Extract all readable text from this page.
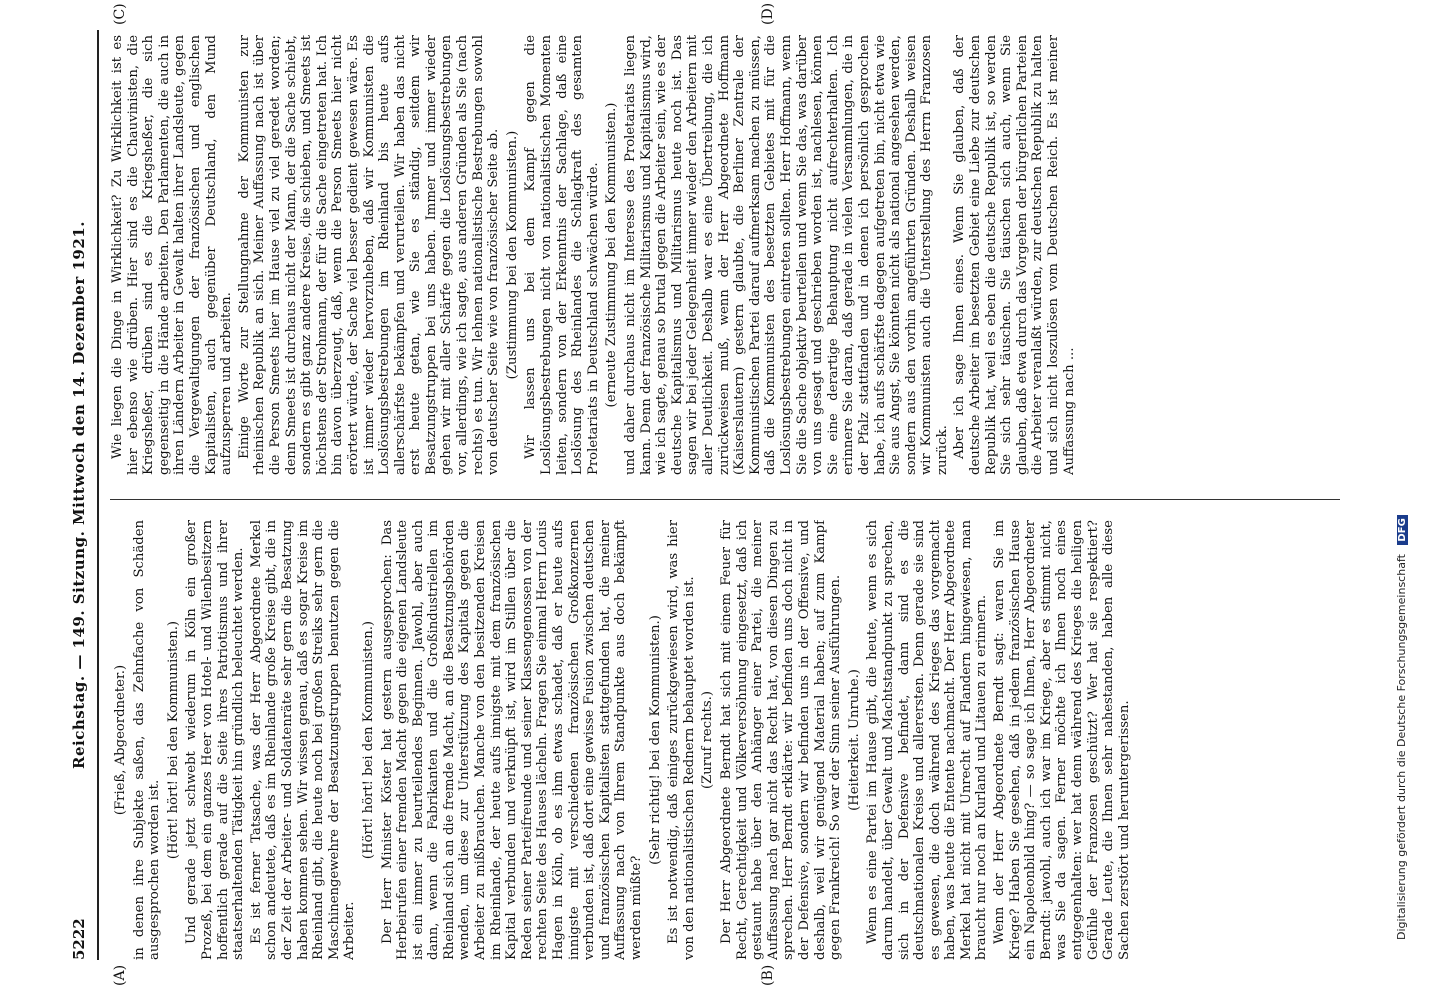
5222
Reichstag. — 149. Sitzung. Mittwoch den 14. Dezember 1921.
(A)	(B)
(C)	(D)

(Frieß, Abgeordneter.) in denen ihre Subjekte saßen, das Zehnfache von Schäden ausgesprochen worden ist.

(Hört! hört! bei den Kommunisten.) Und gerade jetzt schwebt wiederum in Köln ein großer Prozeß, bei dem ein ganzes Heer von Hotel- und Wilenbesitzern hoffentlich gerade auf die Seite ihres Patriotismus und ihrer staatserhaltenden Tätigkeit hin gründlich beleuchtet werden. Es ist ferner Tatsache, was der Herr Abgeordnete Merkel schon andeutete, daß es im Rheinlande große Kreise gibt, die in der Zeit der Arbeiter- und Soldatenräte sehr gern die Besatzung haben kommen sehen. Wir wissen genau, daß es sogar Kreise im Rheinland gibt, die heute noch bei großen Streiks sehr gern die Maschinengewehre der Besatzungstruppen benutzen gegen die Arbeiter.

(Hört! hört! bei den Kommunisten.) Der Herr Minister Köster hat gestern ausgesprochen: Das Herbeirufen einer fremden Macht gegen die eigenen Landsleute ist ein immer zu beurteilendes Beginnen. Jawohl, aber auch dann, wenn die Fabrikanten und die Großindustriellen im Rheinland sich an die fremde Macht, an die Besatzungsbehörden wenden, um diese zur Unterstützung des Kapitals gegen die Arbeiter zu mißbrauchen. Manche von den besitzenden Kreisen im Rheinlande, der heute aufs innigste mit dem französischen Kapital verbunden und verknüpft ist, wird im Stillen über die Reden seiner Parteifreunde und seiner Klassengenossen von der rechten Seite des Hauses lächeln. Fragen Sie einmal Herrn Louis Hagen in Köln, ob es ihm etwas schadet, daß er heute aufs innigste mit verschiedenen französischen Großkonzernen verbunden ist, daß dort eine gewisse Fusion zwischen deutschen und französischen Kapitalisten stattgefunden hat, die meiner Auffassung nach von Ihrem Standpunkte aus doch bekämpft werden müßte?

(Sehr richtig! bei den Kommunisten.) Es ist notwendig, daß einiges zurückgewiesen wird, was hier von den nationalistischen Rednern behauptet worden ist. (Zuruf rechts.) Der Herr Abgeordnete Berndt hat sich mit einem Feuer für Recht, Gerechtigkeit und Völkerversöhnung eingesetzt, daß ich gestaunt habe über den Anhänger einer Partei, die meiner Auffassung nach gar nicht das Recht hat, von diesen Dingen zu sprechen. Herr Berndt erklärte: wir befinden uns doch nicht in der Defensive, sondern wir befinden uns in der Offensive, und deshalb, weil wir genügend Material haben; auf zum Kampf gegen Frankreich! So war der Sinn seiner Ausführungen. (Heiterkeit. Unruhe.) Wenn es eine Partei im Hause gibt, die heute, wenn es sich darum handelt, über Gewalt und Machtstandpunkt zu sprechen, sich in der Defensive befindet, dann sind es die deutschnationalen Kreise und allerersten. Denn gerade sie sind es gewesen, die doch während des Krieges das vorgemacht haben, was heute die Entente nachmacht. Der Herr Abgeordnete Merkel hat nicht mit Unrecht auf Flandern hingewiesen, man braucht nur noch an Kurland und Litauen zu erinnern. Wenn der Herr Abgeordnete Berndt sagt: waren Sie im Kriege? Haben Sie gesehen, daß in jedem französischen Hause ein Napoleonbild hing? — so sage ich Ihnen, Herr Abgeordneter Berndt: jawohl, auch ich war im Kriege, aber es stimmt nicht, was Sie da sagen. Ferner möchte ich Ihnen noch eines entgegenhalten: wer hat denn während des Krieges die heiligen Gefühle der Franzosen geschützt? Wer hat sie respektiert? Gerade Leute, die Ihnen sehr nahestanden, haben alle diese Sachen zerstört und heruntergerissen.

Wie liegen die Dinge in Wirklichkeit? Zu Wirklichkeit ist es hier ebenso wie drüben. Hier sind es die Chauvinisten, die Kriegsheßer, drüben sind es die Kriegsheßer, die sich gegenseitig in die Hände arbeiten. Den Parlamenten, die auch in ihren Ländern Arbeiter in Gewalt halten ihrer Landsleute, gegen die Vergewaltigungen der französischen und englischen Kapitalisten, auch gegenüber Deutschland, den Mund aufzusperren und arbeiten. Einige Worte zur Stellungnahme der Kommunisten zur rheinischen Republik an sich. Meiner Auffassung nach ist über die Person Smeets hier im Hause viel zu viel geredet worden; denn Smeets ist durchaus nicht der Mann, der die Sache schiebt, sondern es gibt ganz andere Kreise, die schieben, und Smeets ist höchstens der Strohmann, der für die Sache eingetreten hat. Ich bin davon überzeugt, daß, wenn die Person Smeets hier nicht erörtert würde, der Sache viel besser gedient gewesen wäre. Es ist immer wieder hervorzuheben, daß wir Kommunisten die Loslösungsbestrebungen im Rheinland bis heute aufs allerschärfste bekämpfen und verurteilen. Wir haben das nicht erst heute getan, wie Sie es ständig, seitdem wir Besatzungstruppen bei uns haben. Immer und immer wieder gehen wir mit aller Schärfe gegen die Loslösungsbestrebungen vor, allerdings, wie ich sagte, aus anderen Gründen als Sie (nach rechts) es tun. Wir lehnen nationalistische Bestrebungen sowohl von deutscher Seite wie von französischer Seite ab. (Zustimmung bei den Kommunisten.) Wir lassen uns bei dem Kampf gegen die Loslösungsbestrebungen nicht von nationalistischen Momenten leiten, sondern von der Erkenntnis der Sachlage, daß eine Loslösung des Rheinlandes die Schlagkraft des gesamten Proletariats in Deutschland schwächen würde. (erneute Zustimmung bei den Kommunisten.) und daher durchaus nicht im Interesse des Proletariats liegen kann. Denn der französische Militarismus und Kapitalismus wird, wie ich sagte, genau so brutal gegen die Arbeiter sein, wie es der deutsche Kapitalismus und Militarismus heute noch ist. Das sagen wir bei jeder Gelegenheit immer wieder den Arbeitern mit aller Deutlichkeit. Deshalb war es eine Übertreibung, die ich zurückweisen muß, wenn der Herr Abgeordnete Hoffmann (Kaiserslautern) gestern glaubte, die Berliner Zentrale der Kommunistischen Partei darauf aufmerksam machen zu müssen, daß die Kommunisten des besetzten Gebietes mit für die Loslösungsbestrebungen eintreten sollten. Herr Hoffmann, wenn Sie die Sache objektiv beurteilen und wenn Sie das, was darüber von uns gesagt und geschrieben worden ist, nachlesen, können Sie eine derartige Behauptung nicht aufrechterhalten. Ich erinnere Sie daran, daß gerade in vielen Versammlungen, die in der Pfalz stattfanden und in denen ich persönlich gesprochen habe, ich aufs schärfste dagegen aufgetreten bin, nicht etwa wie Sie aus Angst, Sie könnten nicht als national angesehen werden, sondern aus den vorhin angeführten Gründen. Deshalb weisen wir Kommunisten auch die Unterstellung des Herrn Franzosen zurück. Aber ich sage Ihnen eines. Wenn Sie glauben, daß der deutsche Arbeiter im besetzten Gebiet eine Liebe zur deutschen Republik hat, weil es eben die deutsche Republik ist, so werden Sie sich sehr täuschen. Sie täuschen sich auch, wenn Sie glauben, daß etwa durch das Vorgehen der bürgerlichen Parteien die Arbeiter veranlaßt würden, zur deutschen Republik zu halten und sich nicht loszulösen vom Deutschen Reich. Es ist meiner Auffassung nach ...

Digitalisierung gefördert durch die Deutsche Forschungsgemeinschaft DFG
